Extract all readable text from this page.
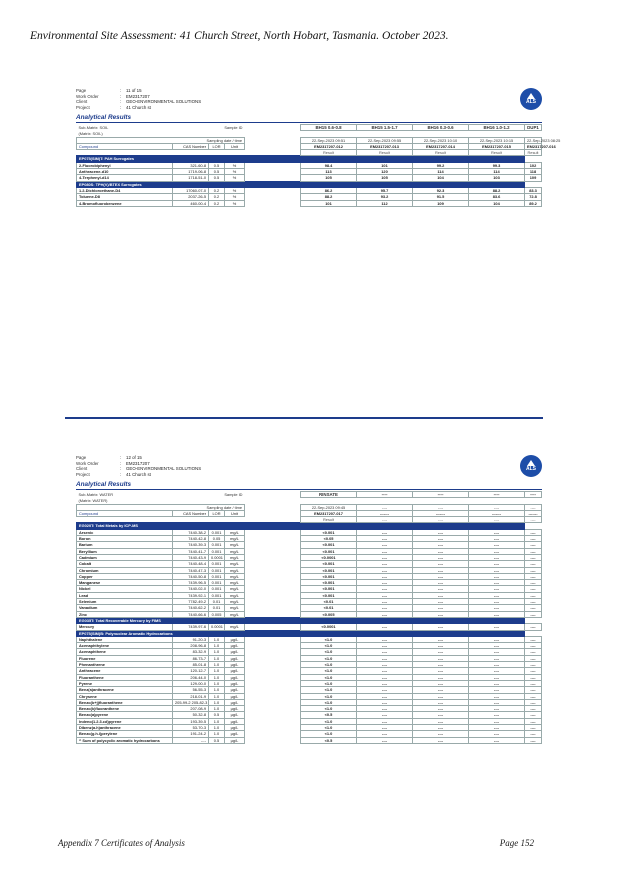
Environmental Site Assessment: 41 Church Street, North Hobart, Tasmania. October 2023.
Page	:	11 of 15
Work Order	:	EM2317207
Client	:	GEO-ENVIRONMENTAL SOLUTIONS
Project	:	41 Church st
ALS
Analytical Results
Sub-Matrix: SOIL	Sample ID				BH15 0.6-0.8	BH15 1.5-1.7	BH16 0.3-0.6	BH16 1.0-1.2	DUP1
(Matrix: SOIL)									
Sampling date / time					22-Sep-2023 09:51	22-Sep-2023 09:55	22-Sep-2023 10:10	22-Sep-2023 10:15	22-Sep-2023 08:25
Compound	CAS Number	LOR	Unit		EM2317207-012	EM2317207-013	EM2317207-014	EM2317207-015	EM2317207-016
					Result	Result	Result	Result	Result
EP075(SIM)T: PAH Surrogates									
2-Fluorobiphenyl	321-60-8	0.5	%		98.4	101	99.2	99.3	102
Anthracene-d10	1719-06-8	0.5	%		113	120	114	114	118
4-Terphenyl-d14	1718-51-0	0.5	%		105	105	104	103	109
EP080S: TPH(V)/BTEX Surrogates									
1.2-Dichloroethane-D4	17060-07-0	0.2	%		86.2	95.7	92.3	88.2	83.3
Toluene-D8	2037-26-5	0.2	%		88.2	93.2	91.5	83.6	72.8
4-Bromofluorobenzene	460-00-4	0.2	%		101	112	109	104	89.2
Page	:	12 of 15
Work Order	:	EM2317207
Client	:	GEO-ENVIRONMENTAL SOLUTIONS
Project	:	41 Church st
ALS
Analytical Results
Sub-Matrix: WATER	Sample ID				RINSATE	----	----	----	----
(Matrix: WATER)									
Sampling date / time					22-Sep-2023 09:45	----	----	----	----
Compound	CAS Number	LOR	Unit		EM2317207-017	-------	-------	-------	-------
					Result	----	----	----	----
EG020T: Total Metals by ICP-MS									
Arsenic	7440-38-2	0.001	mg/L		<0.001	----	----	----	----
Boron	7440-42-8	0.05	mg/L		<0.05	----	----	----	----
Barium	7440-39-3	0.001	mg/L		<0.001	----	----	----	----
Beryllium	7440-41-7	0.001	mg/L		<0.001	----	----	----	----
Cadmium	7440-43-9	0.0001	mg/L		<0.0001	----	----	----	----
Cobalt	7440-48-4	0.001	mg/L		<0.001	----	----	----	----
Chromium	7440-47-3	0.001	mg/L		<0.001	----	----	----	----
Copper	7440-50-8	0.001	mg/L		<0.001	----	----	----	----
Manganese	7439-96-5	0.001	mg/L		<0.001	----	----	----	----
Nickel	7440-02-0	0.001	mg/L		<0.001	----	----	----	----
Lead	7439-92-1	0.001	mg/L		<0.001	----	----	----	----
Selenium	7782-49-2	0.01	mg/L		<0.01	----	----	----	----
Vanadium	7440-62-2	0.01	mg/L		<0.01	----	----	----	----
Zinc	7440-66-6	0.005	mg/L		<0.005	----	----	----	----
EG035T: Total Recoverable Mercury by FIMS									
Mercury	7439-97-6	0.0001	mg/L		<0.0001	----	----	----	----
EP075(SIM)B: Polynuclear Aromatic Hydrocarbons									
Naphthalene	91-20-3	1.0	µg/L		<1.0	----	----	----	----
Acenaphthylene	208-96-8	1.0	µg/L		<1.0	----	----	----	----
Acenaphthene	83-32-9	1.0	µg/L		<1.0	----	----	----	----
Fluorene	86-73-7	1.0	µg/L		<1.0	----	----	----	----
Phenanthrene	85-01-8	1.0	µg/L		<1.0	----	----	----	----
Anthracene	120-12-7	1.0	µg/L		<1.0	----	----	----	----
Fluoranthene	206-44-0	1.0	µg/L		<1.0	----	----	----	----
Pyrene	129-00-0	1.0	µg/L		<1.0	----	----	----	----
Benz(a)anthracene	56-55-3	1.0	µg/L		<1.0	----	----	----	----
Chrysene	218-01-9	1.0	µg/L		<1.0	----	----	----	----
Benzo(b+j)fluoranthene	205-99-2 205-82-3	1.0	µg/L		<1.0	----	----	----	----
Benzo(k)fluoranthene	207-08-9	1.0	µg/L		<1.0	----	----	----	----
Benzo(a)pyrene	50-32-8	0.5	µg/L		<0.5	----	----	----	----
Indeno(1.2.3.cd)pyrene	193-39-5	1.0	µg/L		<1.0	----	----	----	----
Dibenz(a.h)anthracene	53-70-3	1.0	µg/L		<1.0	----	----	----	----
Benzo(g.h.i)perylene	191-24-2	1.0	µg/L		<1.0	----	----	----	----
^ Sum of polycyclic aromatic hydrocarbons	----	0.5	µg/L		<0.5	----	----	----	----
Appendix 7 Certificates of Analysis	Page 152
